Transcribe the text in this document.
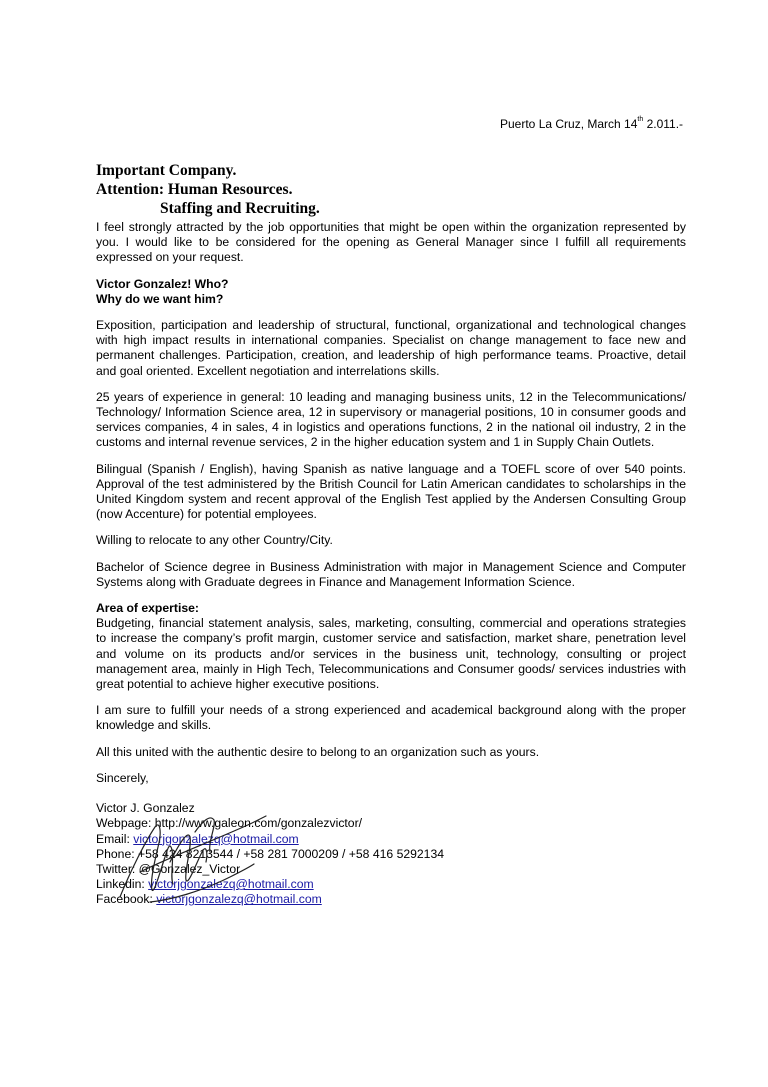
Puerto La Cruz, March 14th 2.011.-
Important Company.
Attention: Human Resources.
Staffing and Recruiting.

I feel strongly attracted by the job opportunities that might be open within the organization represented by you. I would like to be considered for the opening as General Manager since I fulfill all requirements expressed on your request.

Victor Gonzalez! Who?
Why do we want him?

Exposition, participation and leadership of structural, functional, organizational and technological changes with high impact results in international companies. Specialist on change management to face new and permanent challenges. Participation, creation, and leadership of high performance teams. Proactive, detail and goal oriented. Excellent negotiation and interrelations skills.

25 years of experience in general: 10 leading and managing business units, 12 in the Telecommunications/ Technology/ Information Science area, 12 in supervisory or managerial positions, 10 in consumer goods and services companies, 4 in sales, 4 in logistics and operations functions, 2 in the national oil industry, 2 in the customs and internal revenue services, 2 in the higher education system and 1 in Supply Chain Outlets.

Bilingual (Spanish / English), having Spanish as native language and a TOEFL score of over 540 points. Approval of the test administered by the British Council for Latin American candidates to scholarships in the United Kingdom system and recent approval of the English Test applied by the Andersen Consulting Group (now Accenture) for potential employees.

Willing to relocate to any other Country/City.

Bachelor of Science degree in Business Administration with major in Management Science and Computer Systems along with Graduate degrees in Finance and Management Information Science.

Area of expertise:
Budgeting, financial statement analysis, sales, marketing, consulting, commercial and operations strategies to increase the company’s profit margin, customer service and satisfaction, market share, penetration level and volume on its products and/or services in the business unit, technology, consulting or project management area, mainly in High Tech, Telecommunications and Consumer goods/ services industries with great potential to achieve higher executive positions.

I am sure to fulfill your needs of a strong experienced and academical background along with the proper knowledge and skills.

All this united with the authentic desire to belong to an organization such as yours.

Sincerely,
Victor J. Gonzalez
Webpage: http://www.galeon.com/gonzalezvictor/
Email: victorjgonzalezq@hotmail.com
Phone: +58 424 8213544 / +58 281 7000209 / +58 416 5292134
Twitter: @Gonzalez_Victor
Linkedin: victorjgonzalezq@hotmail.com
Facebook: victorjgonzalezq@hotmail.com
